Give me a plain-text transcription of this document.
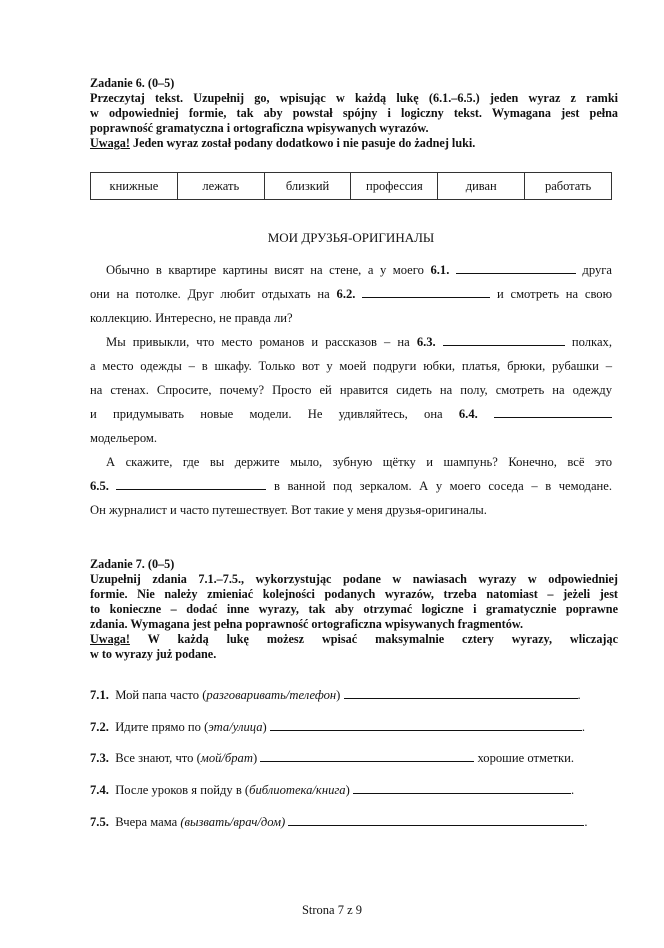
Zadanie 6. (0–5)
Przeczytaj tekst. Uzupełnij go, wpisując w każdą lukę (6.1.–6.5.) jeden wyraz z ramki
w odpowiedniej formie, tak aby powstał spójny i logiczny tekst. Wymagana jest pełna
poprawność gramatyczna i ortograficzna wpisywanych wyrazów.
Uwaga! Jeden wyraz został podany dodatkowo i nie pasuje do żadnej luki.
книжные	лежать	близкий	профессия	диван	работать
МОИ ДРУЗЬЯ-ОРИГИНАЛЫ
Обычно в квартире картины висят на стене, а у моего 6.1.	друга
они на потолке. Друг любит отдыхать на 6.2.	и смотреть на свою
коллекцию. Интересно, не правда ли?
Мы привыкли, что место романов и рассказов – на 6.3.	полках,
а место одежды – в шкафу. Только вот у моей подруги юбки, платья, брюки, рубашки –
на стенах. Спросите, почему? Просто ей нравится сидеть на полу, смотреть на одежду
и придумывать новые модели. Не удивляйтесь, она 6.4.
модельером.
А скажите, где вы держите мыло, зубную щётку и шампунь? Конечно, всё это
6.5.	в ванной под зеркалом. А у моего соседа – в чемодане.
Он журналист и часто путешествует. Вот такие у меня друзья-оригиналы.
Zadanie 7. (0–5)
Uzupełnij zdania 7.1.–7.5., wykorzystując podane w nawiasach wyrazy w odpowiedniej
formie. Nie należy zmieniać kolejności podanych wyrazów, trzeba natomiast – jeżeli jest
to konieczne – dodać inne wyrazy, tak aby otrzymać logiczne i gramatycznie poprawne
zdania. Wymagana jest pełna poprawność ortograficzna wpisywanych fragmentów.
Uwaga! W każdą lukę możesz wpisać maksymalnie cztery wyrazy, wliczając
w to wyrazy już podane.
7.1. Мой папа часто (разговаривать/телефон)	.
7.2. Идите прямо по (эта/улица)	.
7.3. Все знают, что (мой/брат)	хорошие отметки.
7.4. После уроков я пойду в (библиотека/книга)	.
7.5. Вчера мама (вызвать/врач/дом)	.
Strona 7 z 9
